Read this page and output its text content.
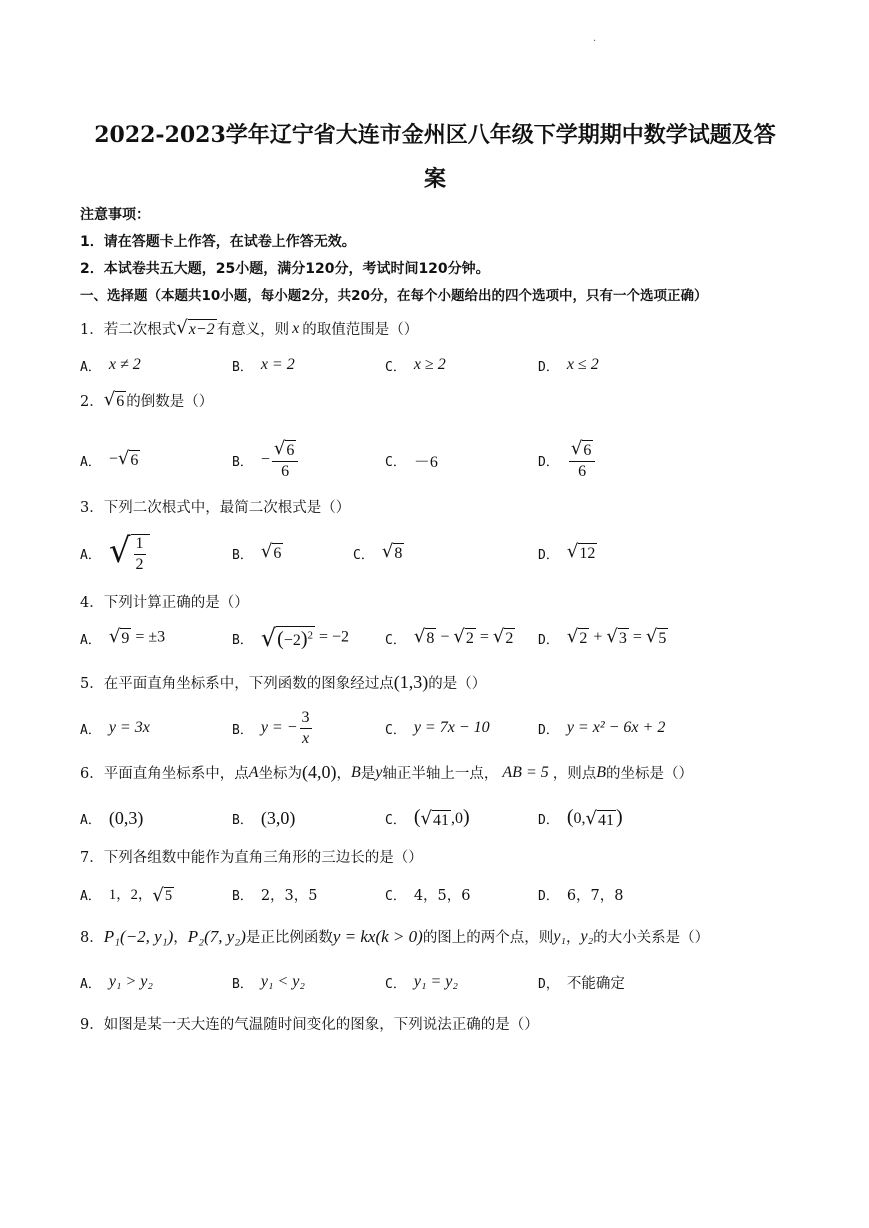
·
2022-2023学年辽宁省大连市金州区八年级下学期期中数学试题及答
案
注意事项：
1．请在答题卡上作答，在试卷上作答无效。
2．本试卷共五大题，25小题，满分120分，考试时间120分钟。
一、选择题（本题共10小题，每小题2分，共20分，在每个小题给出的四个选项中，只有一个选项正确）
1．若二次根式 √ x−2 有意义，则 x 的取值范围是（）
A． x ≠ 2	B． x = 2	C． x ≥ 2	D． x ≤ 2
2． √ 6 的倒数是（）
A． − √ 6	B． − $\frac{√ 6}{6}$	C． －6	D． $\frac{√ 6}{6}$
3．下列二次根式中，最简二次根式是（）
A． √ $\frac{1}{2}$	B． √ 6	C． √ 8	D． √ 12
4．下列计算正确的是（）
A． √ 9 = ±3	B． √ $(-2)^2 = -2$	C． √ 8 − √ 2 = √ 2 D． √ 2 + √ 3 = √ 5
5．在平面直角坐标系中，下列函数的图象经过点 (1,3) 的是（）
A． y = 3x	B． y = − $\frac{3}{x}$	C． y = 7x − 10	D． y = x² − 6x + 2
6．平面直角坐标系中，点 A 坐标为 (4,0) ， B 是 y 轴正半轴上一点， AB = 5 ，则点 B 的坐标是（）
A． (0,3)	B． (3,0)	C． ( √ 41 ,0)	D． (0, √ 41 )
7．下列各组数中能作为直角三角形的三边长的是（）
A． 1，2， √ 5	B． 2，3，5	C． 4，5，6	D． 6，7，8
8． P₁(−2, y₁) ， P₂(7, y₂) 是正比例函数 y = kx(k > 0) 的图上的两个点，则 y₁ ， y₂ 的大小关系是（）
A． y₁ > y₂	B． y₁ < y₂	C． y₁ = y₂	D， 不能确定
9．如图是某一天大连的气温随时间变化的图象，下列说法正确的是（）
